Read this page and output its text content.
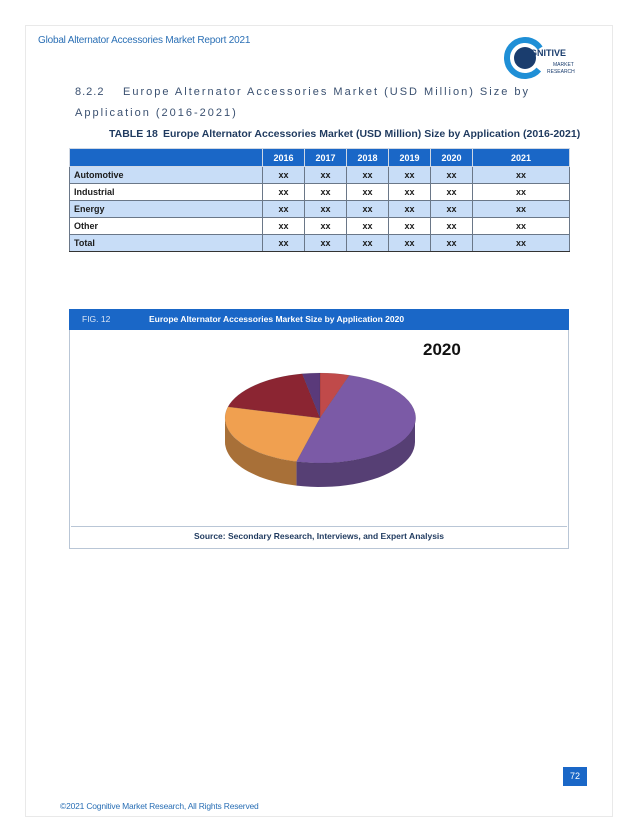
Global Alternator Accessories Market Report 2021
GNITIVE
MARKET
RESEARCH
8.2.2 Europe Alternator Accessories Market (USD Million) Size by Application (2016-2021)
TABLE 18 Europe Alternator Accessories Market (USD Million) Size by Application (2016-2021)
	2016	2017	2018	2019	2020	2021
Automotive	xx	xx	xx	xx	xx	xx
Industrial	xx	xx	xx	xx	xx	xx
Energy	xx	xx	xx	xx	xx	xx
Other	xx	xx	xx	xx	xx	xx
Total	xx	xx	xx	xx	xx	xx
FIG. 12	Europe Alternator Accessories Market Size by Application 2020
2020
Source: Secondary Research, Interviews, and Expert Analysis
72
©2021 Cognitive Market Research, All Rights Reserved
